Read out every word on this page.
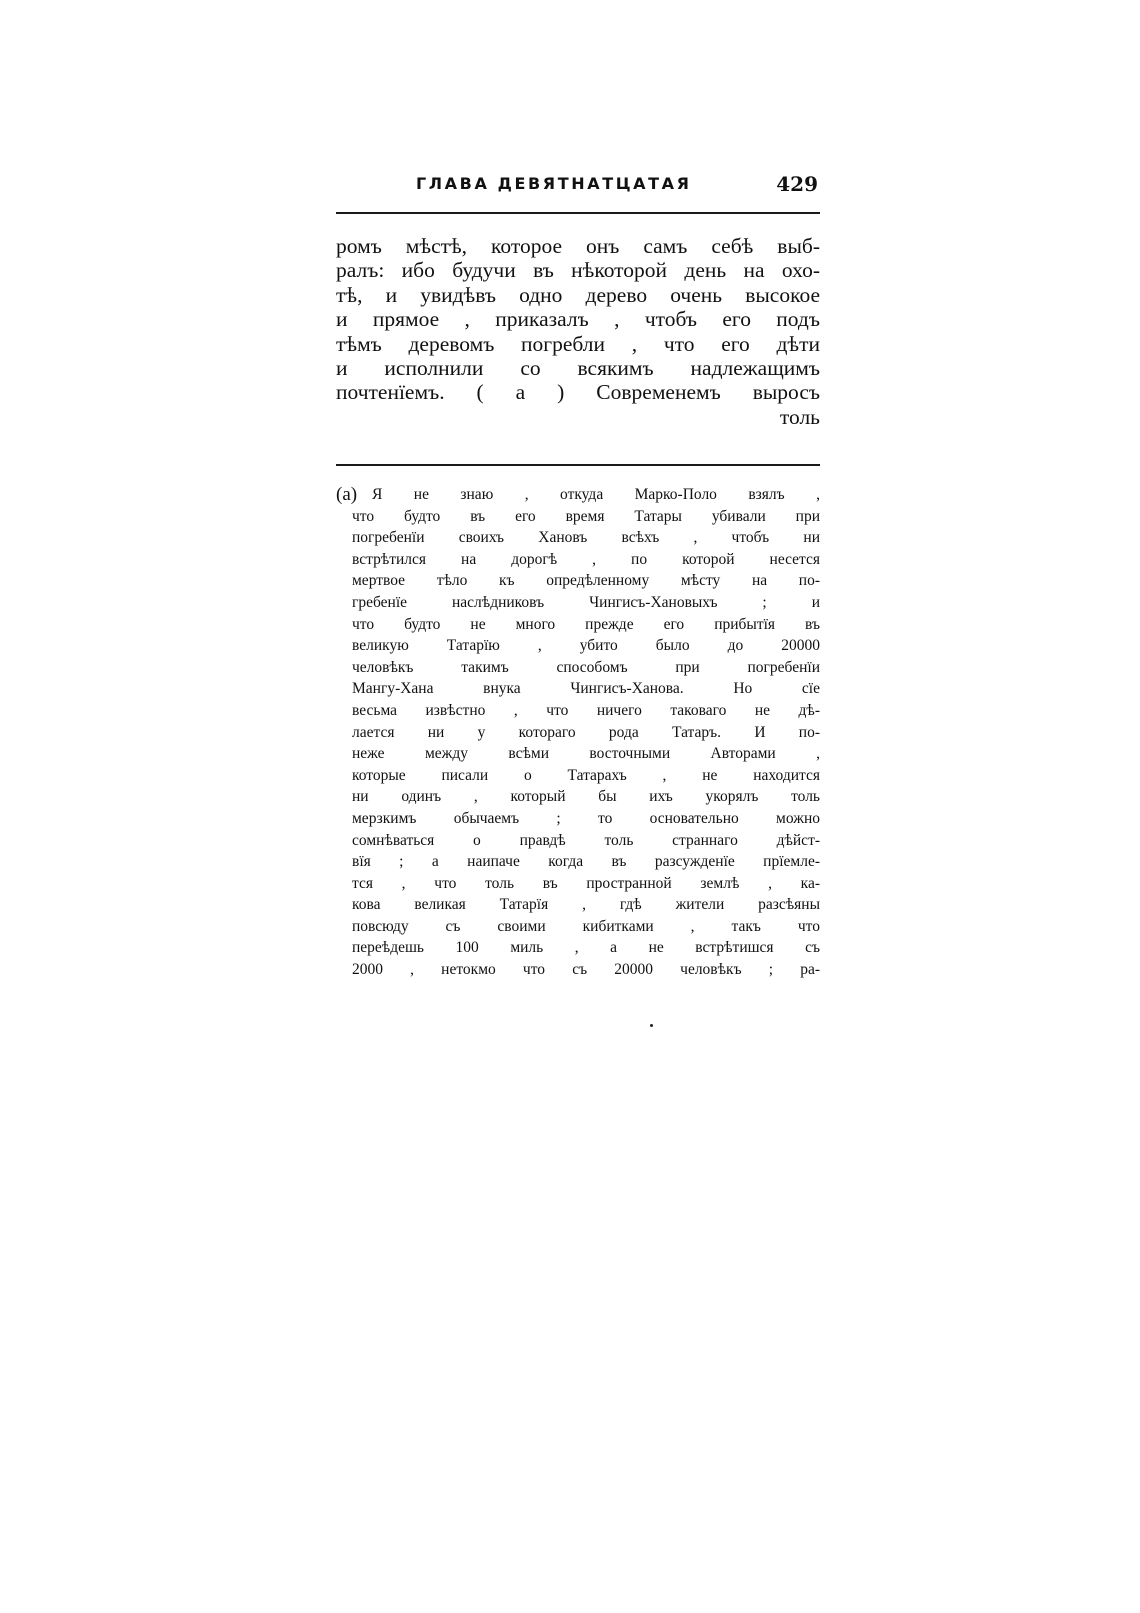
ГЛАВА ДЕВЯТНАТЦАТАЯ	429
ромъ мѣстѣ, которое онъ самъ себѣ выб-
ралъ: ибо будучи въ нѣкоторой день на охо-
тѣ, и увидѣвъ одно дерево очень высокое
и прямое , приказалъ , чтобъ его подъ
тѣмъ деревомъ погребли , что его дѣти
и исполнили со всякимъ надлежащимъ
почтенїемъ. ( a ) Современемъ выросъ
толь
(a) Я не знаю , откуда Марко-Поло взялъ ,
что будто въ его время Татары убивали при
погребенїи своихъ Хановъ всѣхъ , чтобъ ни
встрѣтился на дорогѣ , по которой несется
мертвое тѣло къ опредѣленному мѣсту на по-
гребенїе наслѣдниковъ Чингисъ-Хановыхъ ; и
что будто не много прежде его прибытїя въ
великую Татарїю , убито было до 20000
человѣкъ такимъ способомъ при погребенїи
Мангу-Хана внука Чингисъ-Ханова. Но сїе
весьма извѣстно , что ничего таковаго не дѣ-
лается ни у котораго рода Татаръ. И по-
неже между всѣми восточными Авторами ,
которые писали о Татарахъ , не находится
ни одинъ , который бы ихъ укорялъ толь
мерзкимъ обычаемъ ; то основательно можно
сомнѣваться о правдѣ толь страннаго дѣйст-
вїя ; а наипаче когда въ разсужденїе прїемле-
тся , что толь въ пространной землѣ , ка-
кова великая Татарїя , гдѣ жители разсѣяны
повсюду съ своими кибитками , такъ что
переѣдешь 100 миль , а не встрѣтишся съ
2000 , нетокмо что съ 20000 человѣкъ ; ра-
